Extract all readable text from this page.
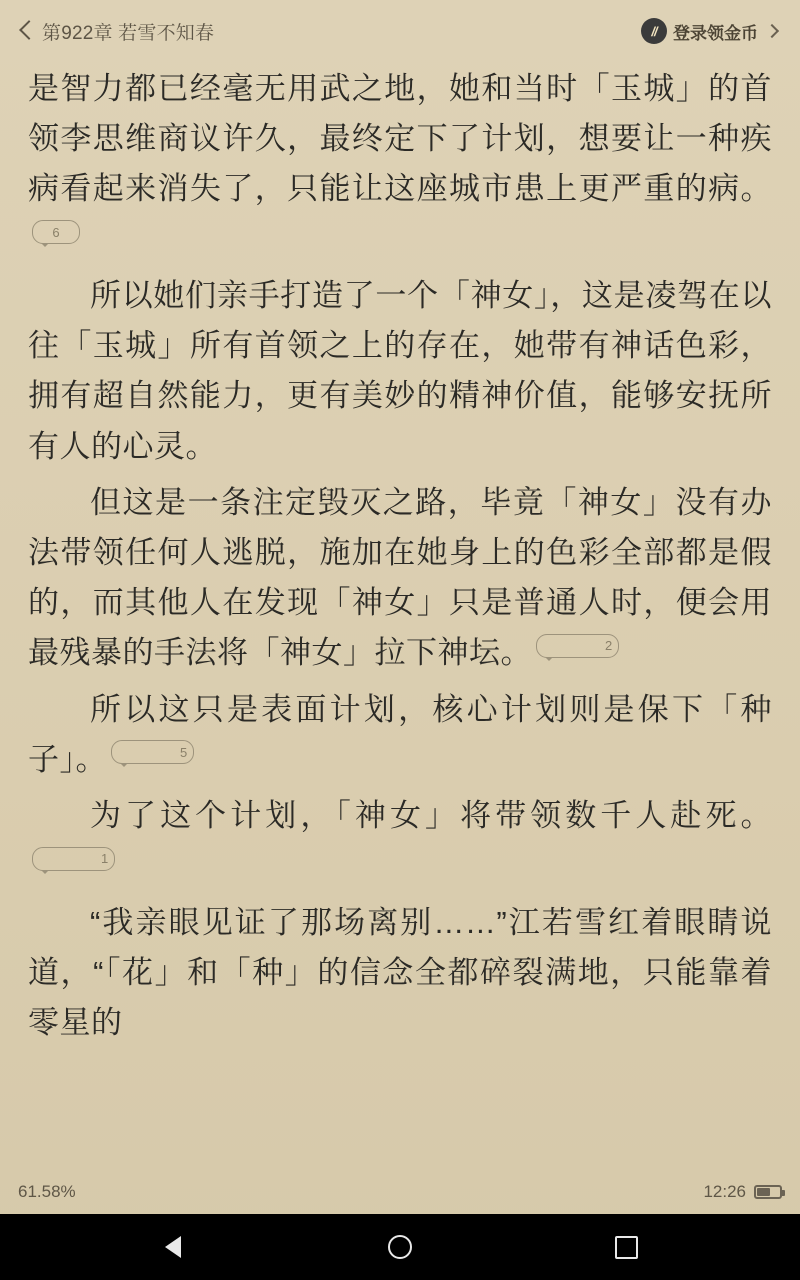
第922章 若雪不知春	// 登录领金币

是智力都已经毫无用武之地，她和当时「玉城」的首领李思维商议许久，最终定下了计划，想要让一种疾病看起来消失了，只能让这座城市患上更严重的病。6

所以她们亲手打造了一个「神女」，这是凌驾在以往「玉城」所有首领之上的存在，她带有神话色彩，拥有超自然能力，更有美妙的精神价值，能够安抚所有人的心灵。

但这是一条注定毁灭之路，毕竟「神女」没有办法带领任何人逃脱，施加在她身上的色彩全部都是假的，而其他人在发现「神女」只是普通人时，便会用最残暴的手法将「神女」拉下神坛。	2

所以这只是表面计划，核心计划则是保下「种子」。	5

为了这个计划，「神女」将带领数千人赴死。1

“我亲眼见证了那场离别……”江若雪红着眼睛说道，“「花」和「种」的信念全都碎裂满地，只能靠着零星的

61.58%	12:26
